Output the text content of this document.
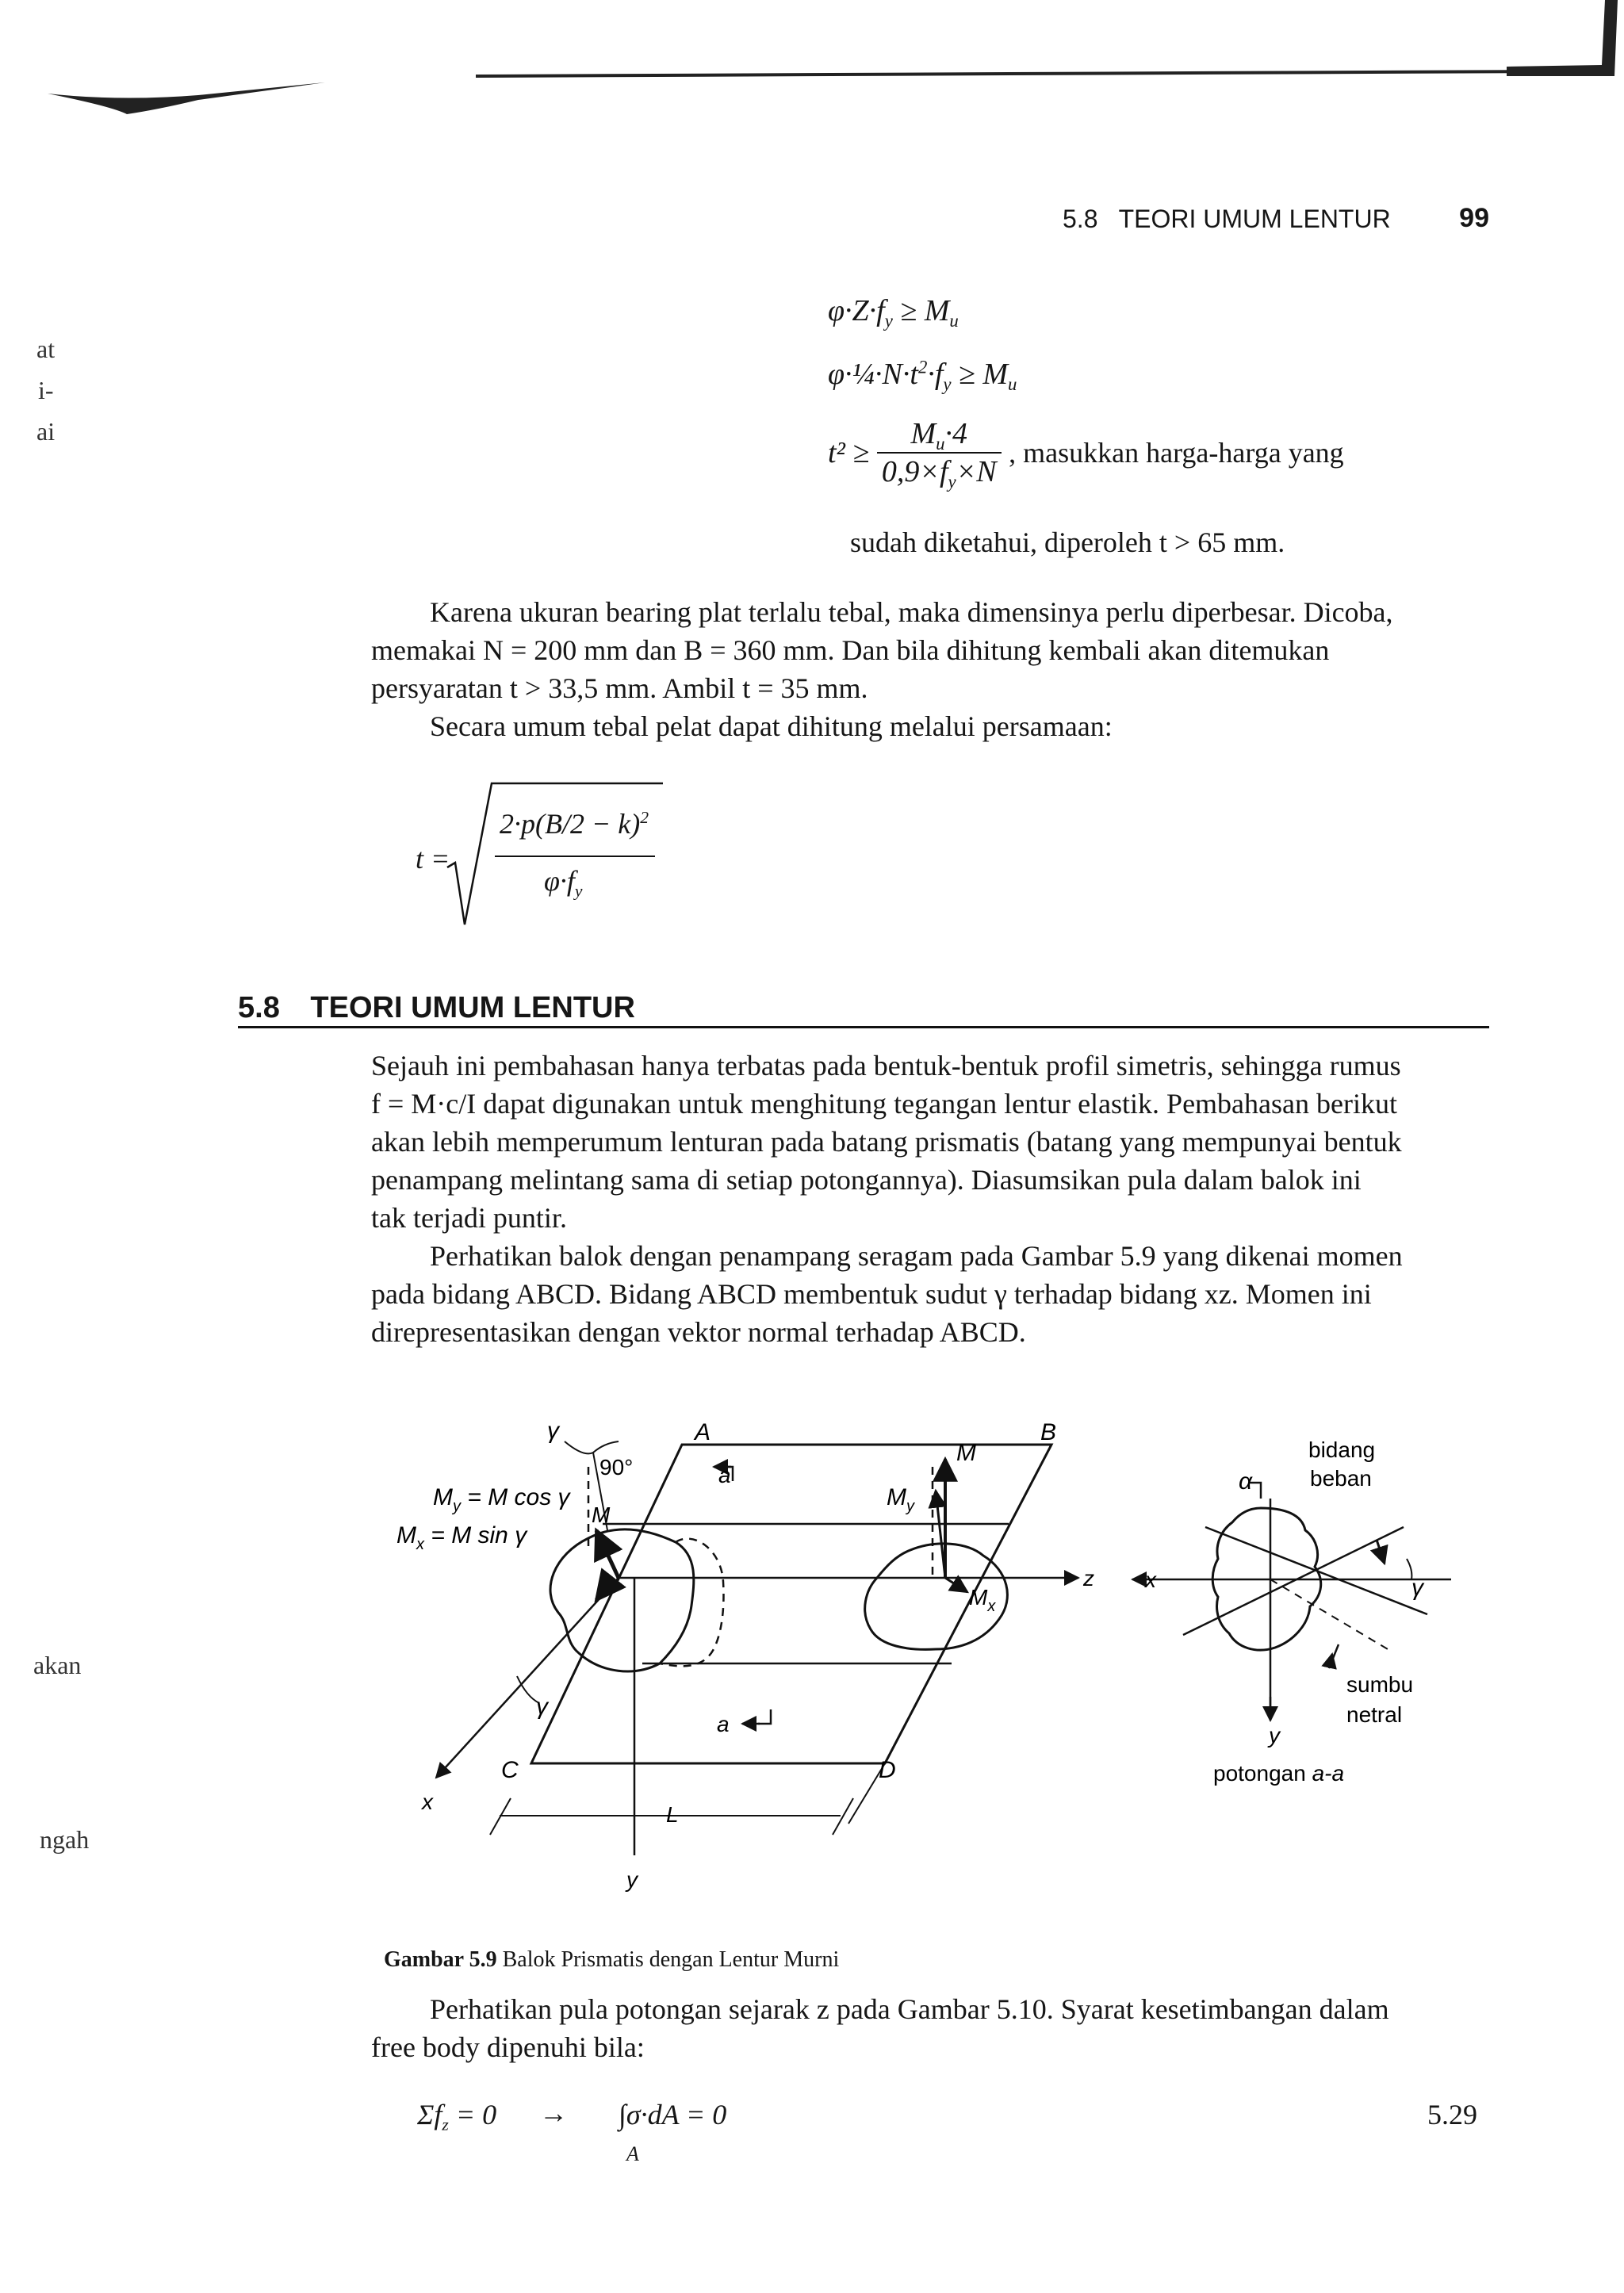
5.8   TEORI UMUM LENTUR	99
at
i-
ai
akan
ngah
$\varphi\cdot Z\cdot f_y \ge M_u$
$\varphi\cdot\frac{1}{4}\cdot N\cdot t^2\cdot f_y \ge M_u$
$t^2 \ge \frac{M_u\cdot 4}{0,9\times f_y\times N}$ , masukkan harga-harga yang
sudah diketahui, diperoleh t > 65 mm.
Karena ukuran bearing plat terlalu tebal, maka dimensinya perlu diperbesar. Dicoba,
memakai N = 200 mm dan B = 360 mm. Dan bila dihitung kembali akan ditemukan
persyaratan t > 33,5 mm. Ambil t = 35 mm.
Secara umum tebal pelat dapat dihitung melalui persamaan:
t =
$2\cdot p(B/2 - k)^2$
$\varphi\cdot f_y$
5.8 TEORI UMUM LENTUR
Sejauh ini pembahasan hanya terbatas pada bentuk-bentuk profil simetris, sehingga rumus
f = M·c/I dapat digunakan untuk menghitung tegangan lentur elastik. Pembahasan berikut
akan lebih memperumum lenturan pada batang prismatis (batang yang mempunyai bentuk
penampang melintang sama di setiap potongannya). Diasumsikan pula dalam balok ini
tak terjadi puntir.
Perhatikan balok dengan penampang seragam pada Gambar 5.9 yang dikenai momen
pada bidang ABCD. Bidang ABCD membentuk sudut γ terhadap bidang xz. Momen ini
direpresentasikan dengan vektor normal terhadap ABCD.
A	B
C	D
x
y
z
L
γ
γ
90°
$M_y = M$ cos γ
$M_x = M$ sin γ
M
M
$M_y$
$M_x$
a
a
bidang
beban
α
γ
x
y
sumbu
netral
potongan a-a

Gambar 5.9 Balok Prismatis dengan Lentur Murni

Perhatikan pula potongan sejarak z pada Gambar 5.10. Syarat kesetimbangan dalam
free body dipenuhi bila:
$\Sigma f_z = 0 \to \int\sigma\cdot dA = 0$
A
5.29
